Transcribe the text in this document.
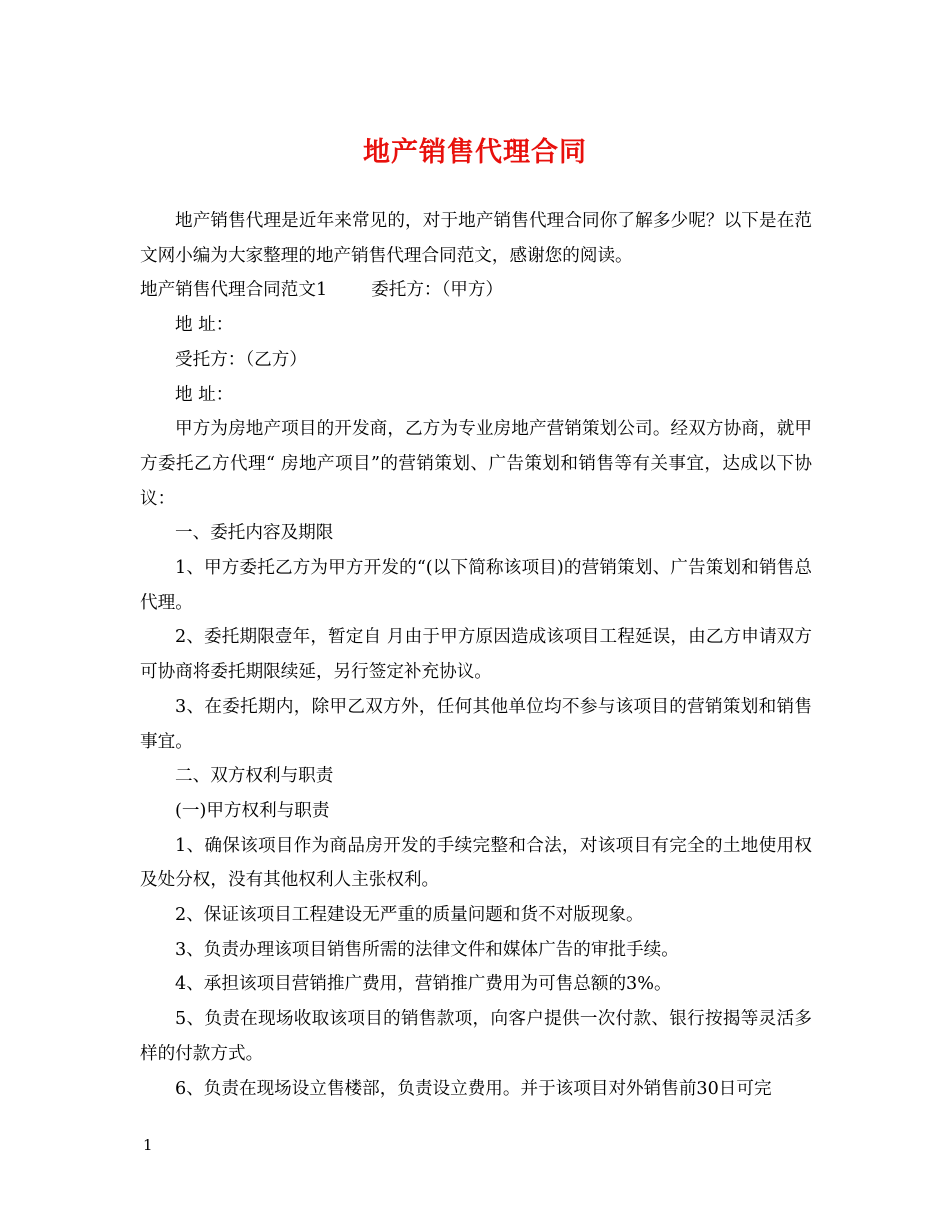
地产销售代理合同

地产销售代理是近年来常见的，对于地产销售代理合同你了解多少呢？以下是在范文网小编为大家整理的地产销售代理合同范文，感谢您的阅读。

地产销售代理合同范文1	委托方：（甲方）

地 址：

受托方：（乙方）

地 址：

甲方为房地产项目的开发商，乙方为专业房地产营销策划公司。经双方协商，就甲方委托乙方代理“ 房地产项目”的营销策划、广告策划和销售等有关事宜，达成以下协议：

一、委托内容及期限

1、甲方委托乙方为甲方开发的“(以下简称该项目)的营销策划、广告策划和销售总代理。

2、委托期限壹年，暂定自 月由于甲方原因造成该项目工程延误，由乙方申请双方可协商将委托期限续延，另行签定补充协议。

3、在委托期内，除甲乙双方外，任何其他单位均不参与该项目的营销策划和销售事宜。

二、双方权利与职责

(一)甲方权利与职责

1、确保该项目作为商品房开发的手续完整和合法，对该项目有完全的土地使用权及处分权，没有其他权利人主张权利。

2、保证该项目工程建设无严重的质量问题和货不对版现象。

3、负责办理该项目销售所需的法律文件和媒体广告的审批手续。

4、承担该项目营销推广费用，营销推广费用为可售总额的3%。

5、负责在现场收取该项目的销售款项，向客户提供一次付款、银行按揭等灵活多样的付款方式。

6、负责在现场设立售楼部，负责设立费用。并于该项目对外销售前30日可完

1
